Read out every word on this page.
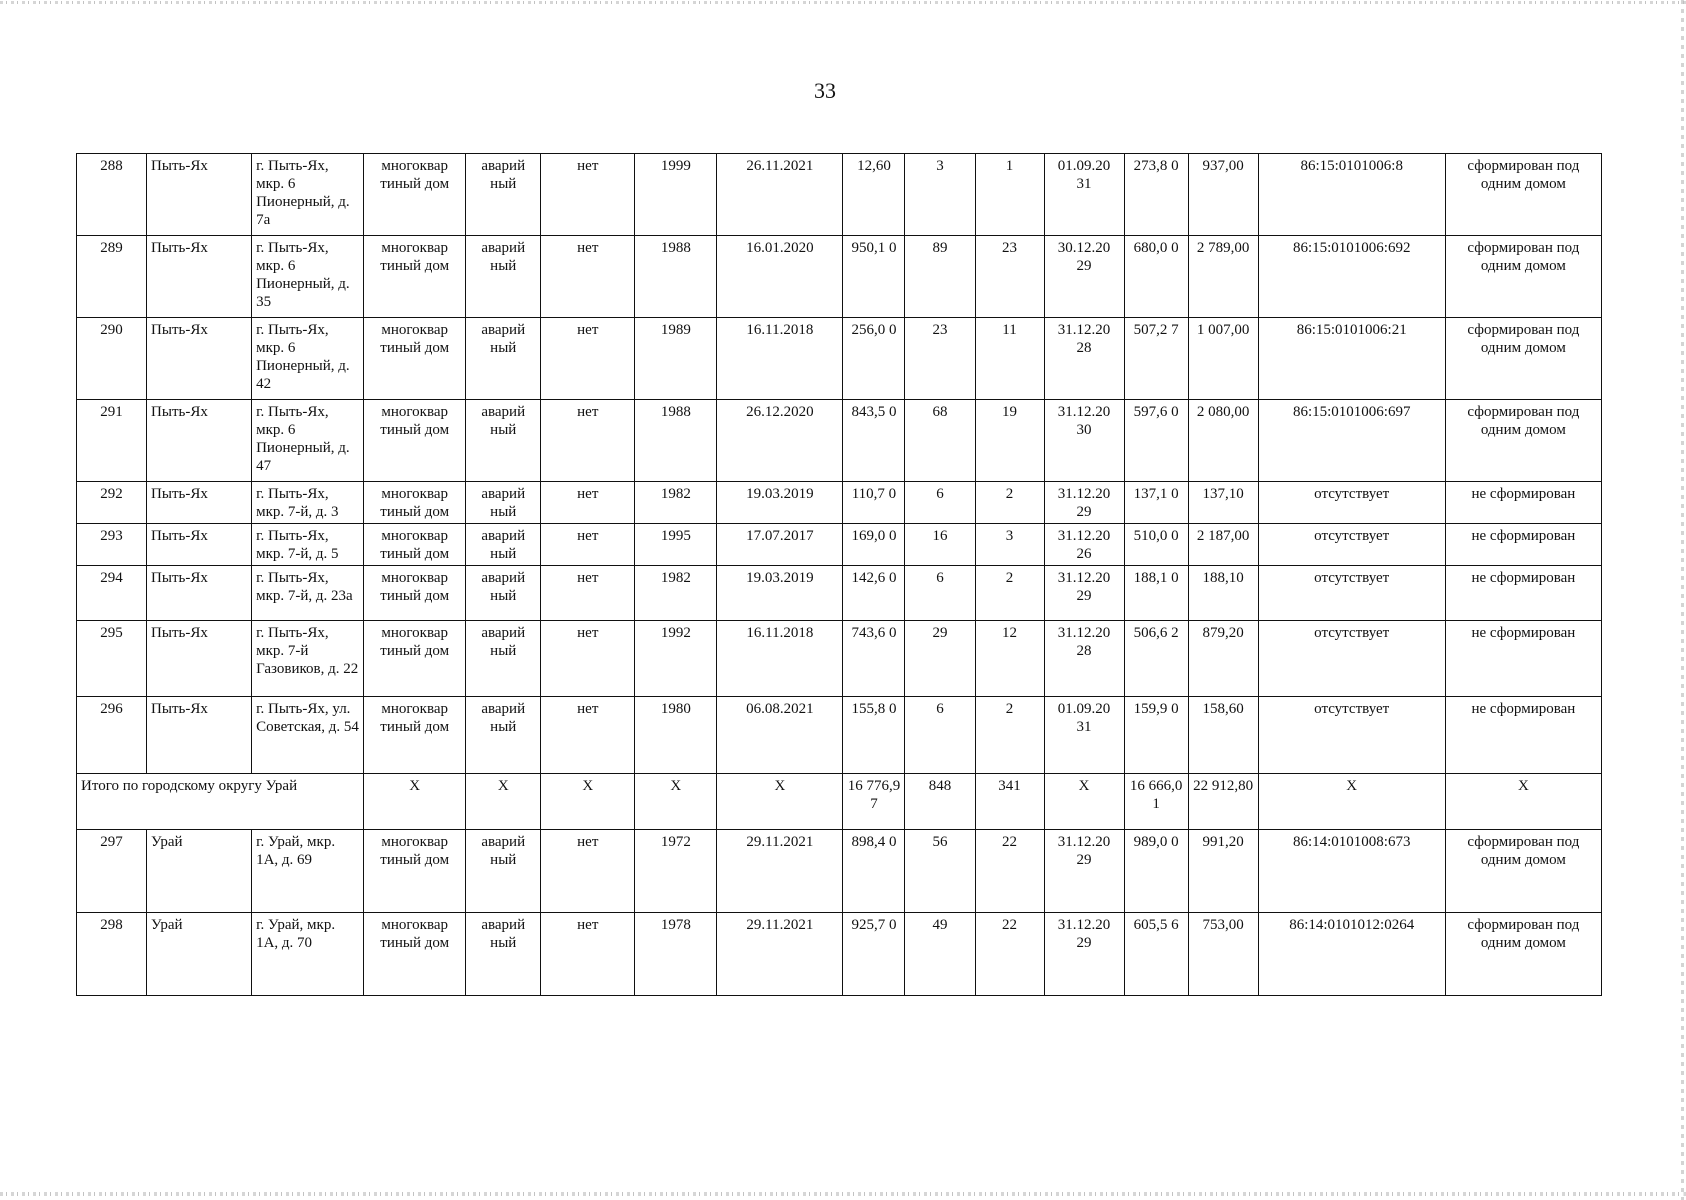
33
288	Пыть-Ях	г. Пыть-Ях, мкр. 6 Пионерный, д. 7а	многоквар тиный дом	аварий ный	нет	1999	26.11.2021	12,60	3	1	01.09.20 31	273,8 0	937,00	86:15:0101006:8	сформирован под одним домом
289	Пыть-Ях	г. Пыть-Ях, мкр. 6 Пионерный, д. 35	многоквар тиный дом	аварий ный	нет	1988	16.01.2020	950,1 0	89	23	30.12.20 29	680,0 0	2 789,00	86:15:0101006:692	сформирован под одним домом
290	Пыть-Ях	г. Пыть-Ях, мкр. 6 Пионерный, д. 42	многоквар тиный дом	аварий ный	нет	1989	16.11.2018	256,0 0	23	11	31.12.20 28	507,2 7	1 007,00	86:15:0101006:21	сформирован под одним домом
291	Пыть-Ях	г. Пыть-Ях, мкр. 6 Пионерный, д. 47	многоквар тиный дом	аварий ный	нет	1988	26.12.2020	843,5 0	68	19	31.12.20 30	597,6 0	2 080,00	86:15:0101006:697	сформирован под одним домом
292	Пыть-Ях	г. Пыть-Ях, мкр. 7-й, д. 3	многоквар тиный дом	аварий ный	нет	1982	19.03.2019	110,7 0	6	2	31.12.20 29	137,1 0	137,10	отсутствует	не сформирован
293	Пыть-Ях	г. Пыть-Ях, мкр. 7-й, д. 5	многоквар тиный дом	аварий ный	нет	1995	17.07.2017	169,0 0	16	3	31.12.20 26	510,0 0	2 187,00	отсутствует	не сформирован
294	Пыть-Ях	г. Пыть-Ях, мкр. 7-й, д. 23а	многоквар тиный дом	аварий ный	нет	1982	19.03.2019	142,6 0	6	2	31.12.20 29	188,1 0	188,10	отсутствует	не сформирован
295	Пыть-Ях	г. Пыть-Ях, мкр. 7-й Газовиков, д. 22	многоквар тиный дом	аварий ный	нет	1992	16.11.2018	743,6 0	29	12	31.12.20 28	506,6 2	879,20	отсутствует	не сформирован
296	Пыть-Ях	г. Пыть-Ях, ул. Советская, д. 54	многоквар тиный дом	аварий ный	нет	1980	06.08.2021	155,8 0	6	2	01.09.20 31	159,9 0	158,60	отсутствует	не сформирован
Итого по городскому округу Урай			Х	Х	Х	Х	Х	16 776,9 7	848	341	Х	16 666,0 1	22 912,80	Х	Х
297	Урай	г. Урай, мкр. 1А, д. 69	многоквар тиный дом	аварий ный	нет	1972	29.11.2021	898,4 0	56	22	31.12.20 29	989,0 0	991,20	86:14:0101008:673	сформирован под одним домом
298	Урай	г. Урай, мкр. 1А, д. 70	многоквар тиный дом	аварий ный	нет	1978	29.11.2021	925,7 0	49	22	31.12.20 29	605,5 6	753,00	86:14:0101012:0264	сформирован под одним домом
